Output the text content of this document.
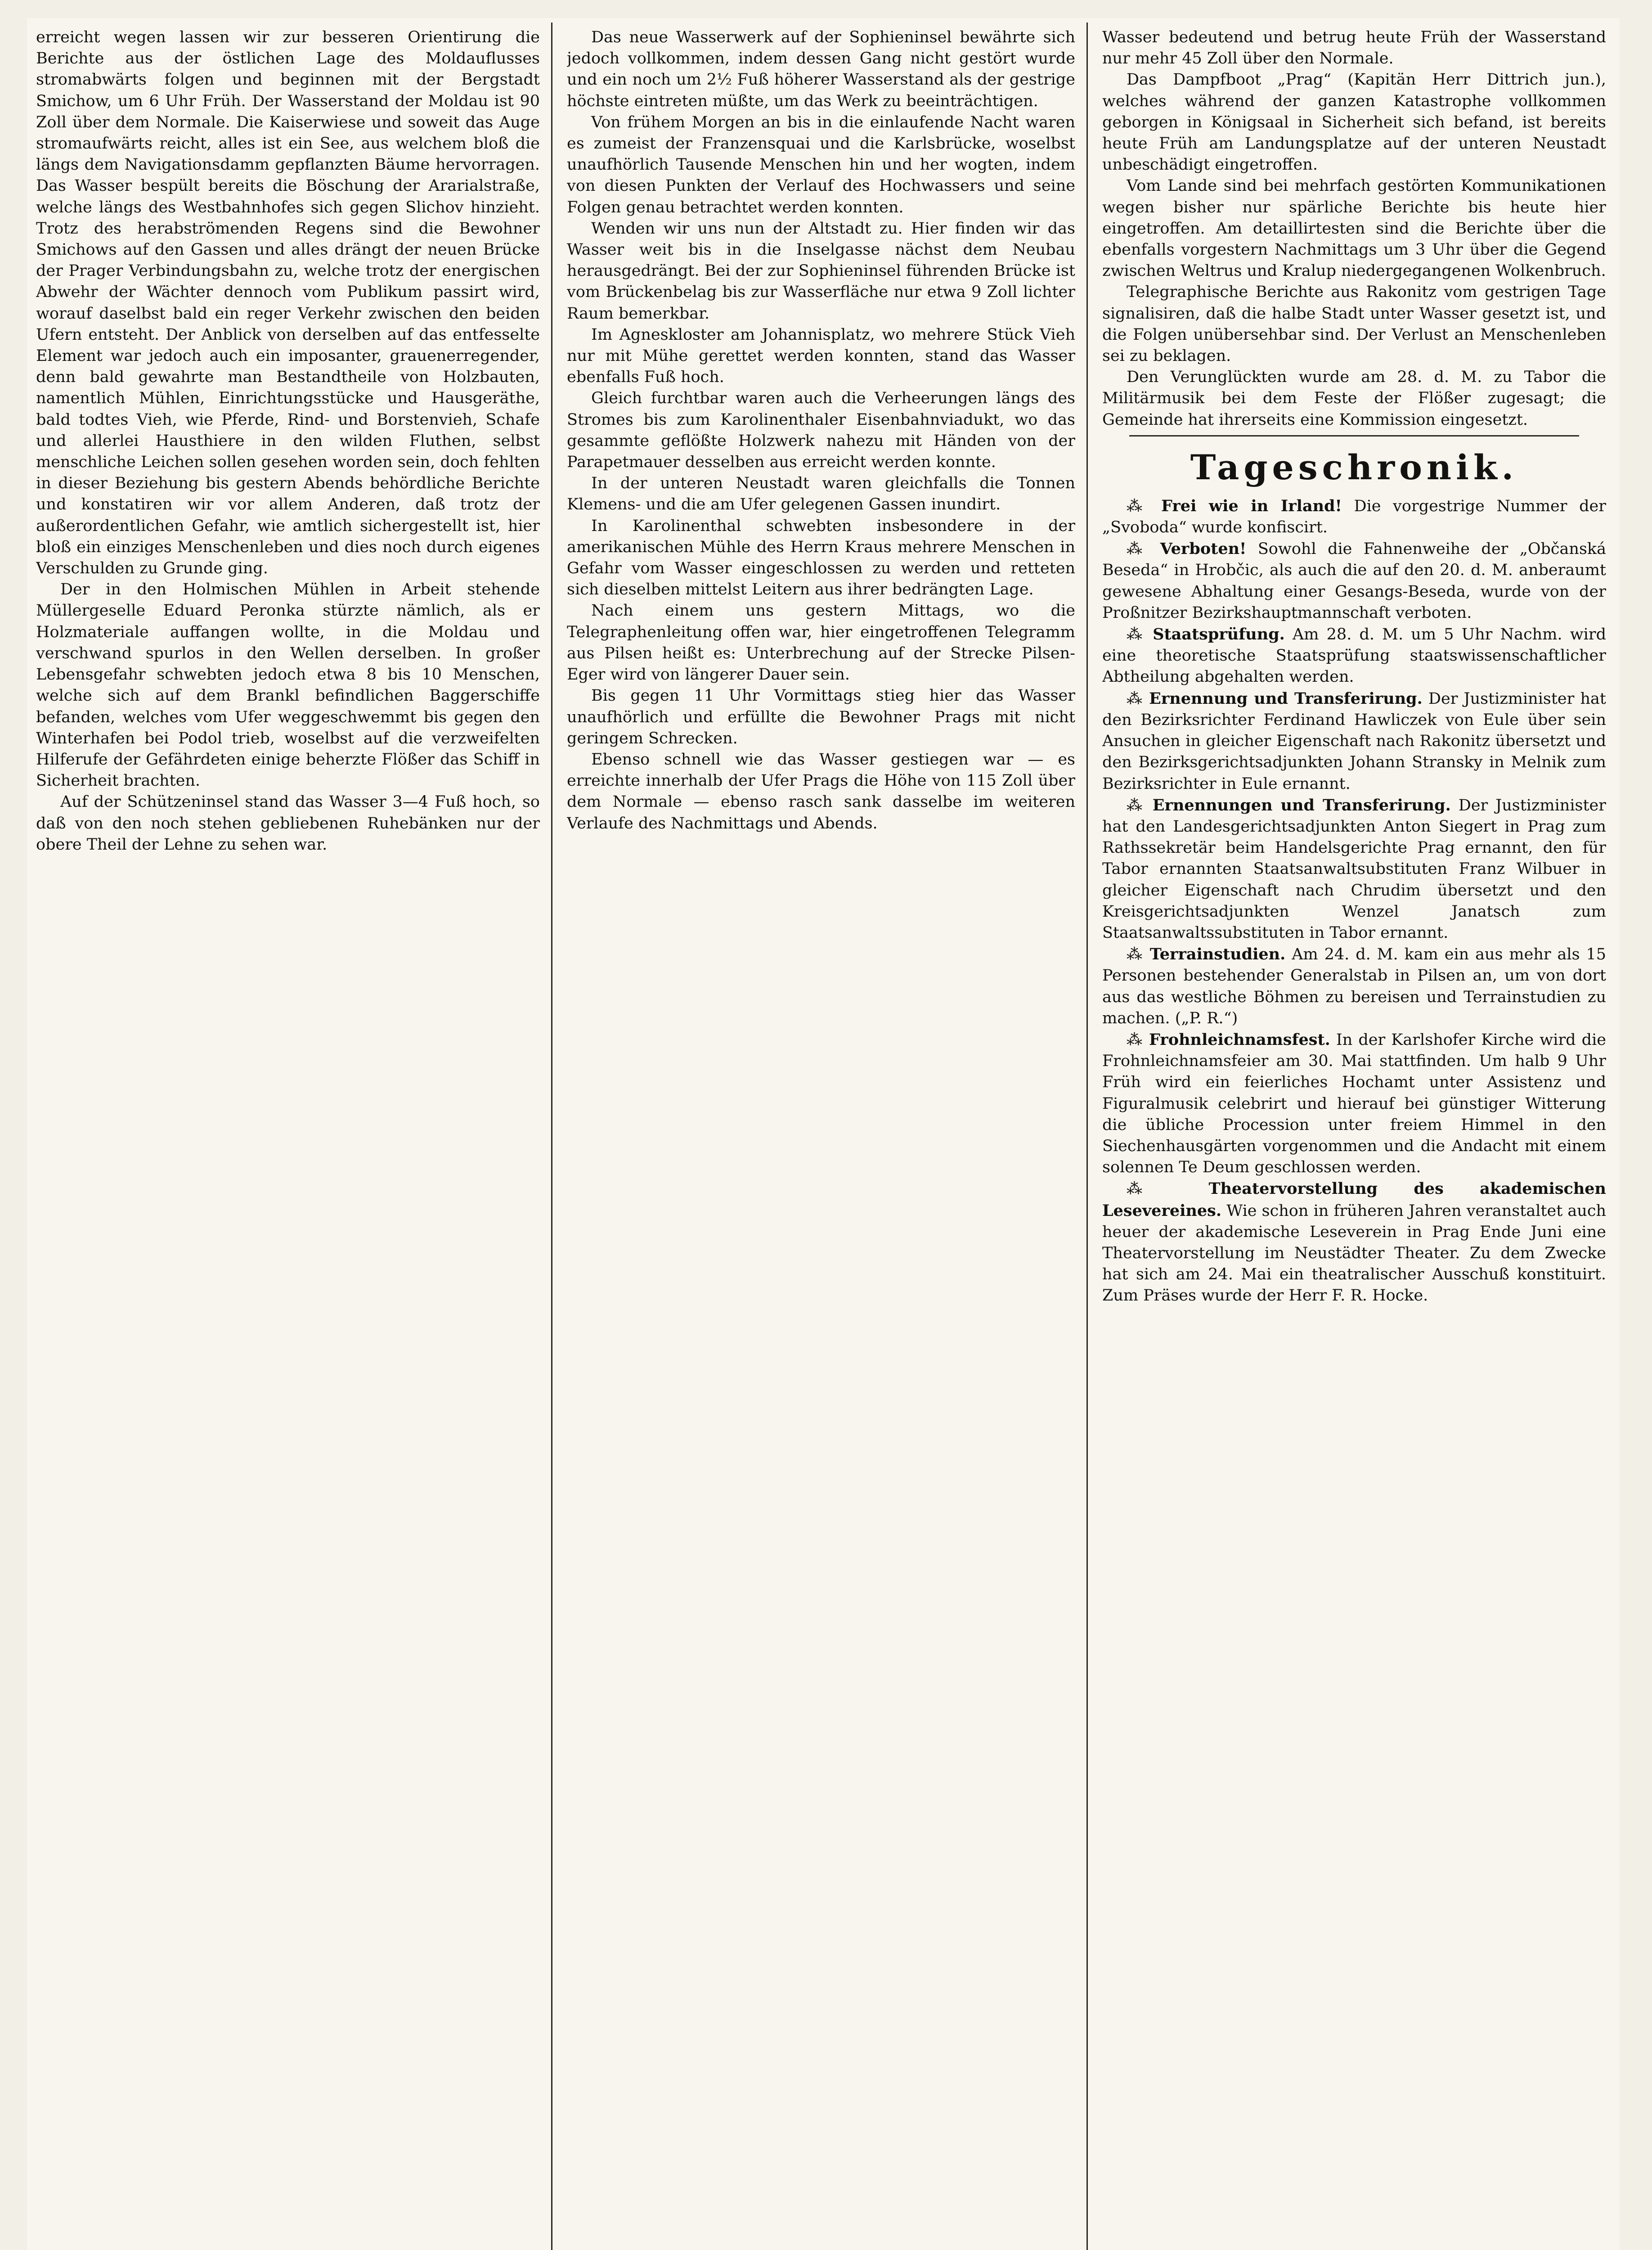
erreicht wegen lassen wir zur besseren Orientirung die Berichte aus der östlichen Lage des Moldauflusses stromabwärts folgen und beginnen mit der Bergstadt Smichow, um 6 Uhr Früh. Der Wasserstand der Moldau ist 90 Zoll über dem Normale. Die Kaiserwiese und soweit das Auge stromaufwärts reicht, alles ist ein See, aus welchem bloß die längs dem Navigationsdamm gepflanzten Bäume hervorragen. Das Wasser bespült bereits die Böschung der Ararialstraße, welche längs des Westbahnhofes sich gegen Slichov hinzieht. Trotz des herabströmenden Regens sind die Bewohner Smichows auf den Gassen und alles drängt der neuen Brücke der Prager Verbindungsbahn zu, welche trotz der energischen Abwehr der Wächter dennoch vom Publikum passirt wird, worauf daselbst bald ein reger Verkehr zwischen den beiden Ufern entsteht. Der Anblick von derselben auf das entfesselte Element war jedoch auch ein imposanter, grauenerregender, denn bald gewahrte man Bestandtheile von Holzbauten, namentlich Mühlen, Einrichtungsstücke und Hausgeräthe, bald todtes Vieh, wie Pferde, Rind- und Borstenvieh, Schafe und allerlei Hausthiere in den wilden Fluthen, selbst menschliche Leichen sollen gesehen worden sein, doch fehlten in dieser Beziehung bis gestern Abends behördliche Berichte und konstatiren wir vor allem Anderen, daß trotz der außerordentlichen Gefahr, wie amtlich sichergestellt ist, hier bloß ein einziges Menschenleben und dies noch durch eigenes Verschulden zu Grunde ging.

Der in den Holmischen Mühlen in Arbeit stehende Müllergeselle Eduard Peronka stürzte nämlich, als er Holzmateriale auffangen wollte, in die Moldau und verschwand spurlos in den Wellen derselben. In großer Lebensgefahr schwebten jedoch etwa 8 bis 10 Menschen, welche sich auf dem Brankl befindlichen Baggerschiffe befanden, welches vom Ufer weggeschwemmt bis gegen den Winterhafen bei Podol trieb, woselbst auf die verzweifelten Hilferufe der Gefährdeten einige beherzte Flößer das Schiff in Sicherheit brachten.

Auf der Schützeninsel stand das Wasser 3—4 Fuß hoch, so daß von den noch stehen gebliebenen Ruhebänken nur der obere Theil der Lehne zu sehen war.

Das neue Wasserwerk auf der Sophieninsel bewährte sich jedoch vollkommen, indem dessen Gang nicht gestört wurde und ein noch um 2½ Fuß höherer Wasserstand als der gestrige höchste eintreten müßte, um das Werk zu beeinträchtigen.

Von frühem Morgen an bis in die einlaufende Nacht waren es zumeist der Franzensquai und die Karlsbrücke, woselbst unaufhörlich Tausende Menschen hin und her wogten, indem von diesen Punkten der Verlauf des Hochwassers und seine Folgen genau betrachtet werden konnten.

Wenden wir uns nun der Altstadt zu. Hier finden wir das Wasser weit bis in die Inselgasse nächst dem Neubau herausgedrängt. Bei der zur Sophieninsel führenden Brücke ist vom Brückenbelag bis zur Wasserfläche nur etwa 9 Zoll lichter Raum bemerkbar.

Im Agneskloster am Johannisplatz, wo mehrere Stück Vieh nur mit Mühe gerettet werden konnten, stand das Wasser ebenfalls Fuß hoch.

Gleich furchtbar waren auch die Verheerungen längs des Stromes bis zum Karolinenthaler Eisenbahnviadukt, wo das gesammte geflößte Holzwerk nahezu mit Händen von der Parapetmauer desselben aus erreicht werden konnte.

In der unteren Neustadt waren gleichfalls die Tonnen Klemens- und die am Ufer gelegenen Gassen inundirt.

In Karolinenthal schwebten insbesondere in der amerikanischen Mühle des Herrn Kraus mehrere Menschen in Gefahr vom Wasser eingeschlossen zu werden und retteten sich dieselben mittelst Leitern aus ihrer bedrängten Lage.

Nach einem uns gestern Mittags, wo die Telegraphenleitung offen war, hier eingetroffenen Telegramm aus Pilsen heißt es: Unterbrechung auf der Strecke Pilsen-Eger wird von längerer Dauer sein.

Bis gegen 11 Uhr Vormittags stieg hier das Wasser unaufhörlich und erfüllte die Bewohner Prags mit nicht geringem Schrecken.

Ebenso schnell wie das Wasser gestiegen war — es erreichte innerhalb der Ufer Prags die Höhe von 115 Zoll über dem Normale — ebenso rasch sank dasselbe im weiteren Verlaufe des Nachmittags und Abends.

Wasser bedeutend und betrug heute Früh der Wasserstand nur mehr 45 Zoll über den Normale.

Das Dampfboot „Prag“ (Kapitän Herr Dittrich jun.), welches während der ganzen Katastrophe vollkommen geborgen in Königsaal in Sicherheit sich befand, ist bereits heute Früh am Landungsplatze auf der unteren Neustadt unbeschädigt eingetroffen.

Vom Lande sind bei mehrfach gestörten Kommunikationen wegen bisher nur spärliche Berichte bis heute hier eingetroffen. Am detaillirtesten sind die Berichte über die ebenfalls vorgestern Nachmittags um 3 Uhr über die Gegend zwischen Weltrus und Kralup niedergegangenen Wolkenbruch.

Telegraphische Berichte aus Rakonitz vom gestrigen Tage signalisiren, daß die halbe Stadt unter Wasser gesetzt ist, und die Folgen unübersehbar sind. Der Verlust an Menschenleben sei zu beklagen.

Den Verunglückten wurde am 28. d. M. zu Tabor die Militärmusik bei dem Feste der Flößer zugesagt; die Gemeinde hat ihrerseits eine Kommission eingesetzt.

Tageschronik.

⁂ Frei wie in Irland! Die vorgestrige Nummer der „Svoboda“ wurde konfiscirt.

⁂ Verboten! Sowohl die Fahnenweihe der „Občanská Beseda“ in Hrobčic, als auch die auf den 20. d. M. anberaumt gewesene Abhaltung einer Gesangs-Beseda, wurde von der Proßnitzer Bezirkshauptmannschaft verboten.

⁂ Staatsprüfung. Am 28. d. M. um 5 Uhr Nachm. wird eine theoretische Staatsprüfung staatswissenschaftlicher Abtheilung abgehalten werden.

⁂ Ernennung und Transferirung. Der Justizminister hat den Bezirksrichter Ferdinand Hawliczek von Eule über sein Ansuchen in gleicher Eigenschaft nach Rakonitz übersetzt und den Bezirksgerichtsadjunkten Johann Stransky in Melnik zum Bezirksrichter in Eule ernannt.

⁂ Ernennungen und Transferirung. Der Justizminister hat den Landesgerichtsadjunkten Anton Siegert in Prag zum Rathssekretär beim Handelsgerichte Prag ernannt, den für Tabor ernannten Staatsanwaltsubstituten Franz Wilbuer in gleicher Eigenschaft nach Chrudim übersetzt und den Kreisgerichtsadjunkten Wenzel Janatsch zum Staatsanwaltssubstituten in Tabor ernannt.

⁂ Terrainstudien. Am 24. d. M. kam ein aus mehr als 15 Personen bestehender Generalstab in Pilsen an, um von dort aus das westliche Böhmen zu bereisen und Terrainstudien zu machen. („P. R.“)

⁂ Frohnleichnamsfest. In der Karlshofer Kirche wird die Frohnleichnamsfeier am 30. Mai stattfinden. Um halb 9 Uhr Früh wird ein feierliches Hochamt unter Assistenz und Figuralmusik celebrirt und hierauf bei günstiger Witterung die übliche Procession unter freiem Himmel in den Siechenhausgärten vorgenommen und die Andacht mit einem solennen Te Deum geschlossen werden.

⁂ Theatervorstellung des akademischen Lesevereines. Wie schon in früheren Jahren veranstaltet auch heuer der akademische Leseverein in Prag Ende Juni eine Theatervorstellung im Neustädter Theater. Zu dem Zwecke hat sich am 24. Mai ein theatralischer Ausschuß konstituirt. Zum Präses wurde der Herr F. R. Hocke.
